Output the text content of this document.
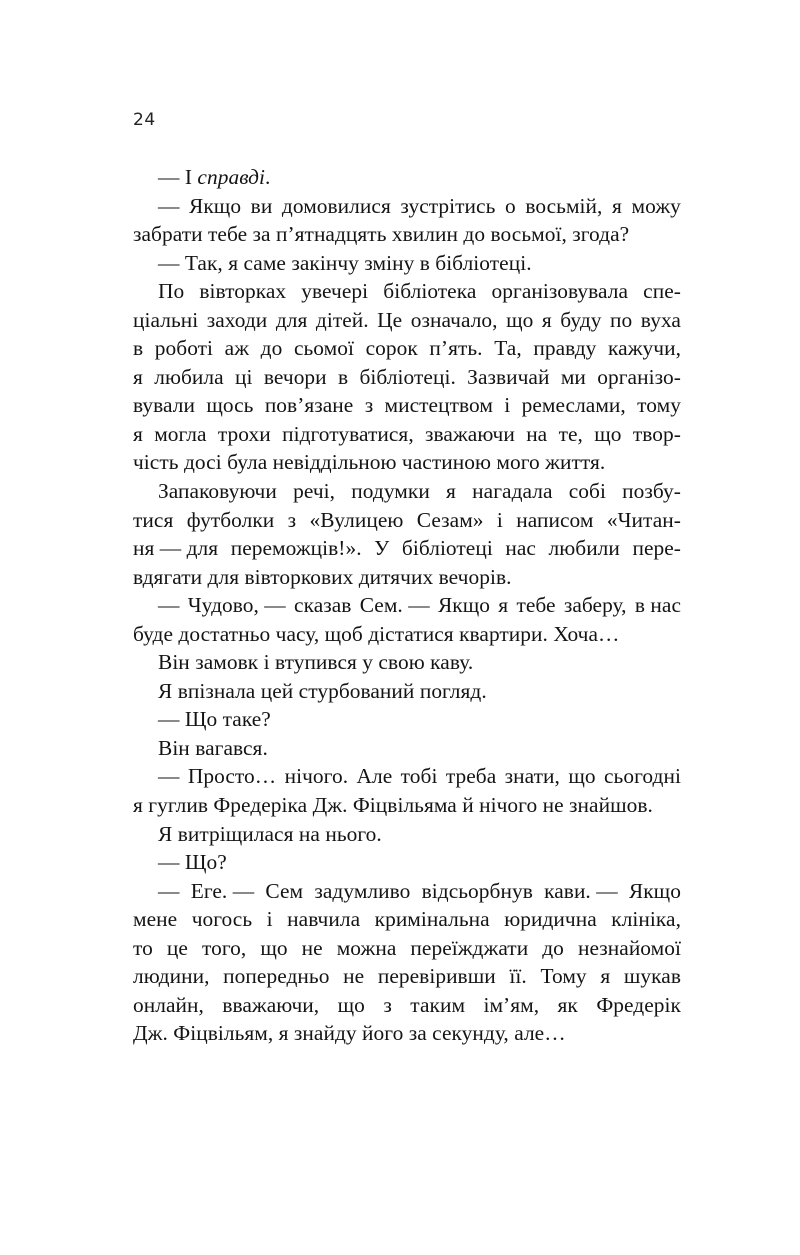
24
— І справді.
— Якщо ви домовилися зустрітись о восьмій, я можу
забрати тебе за п’ятнадцять хвилин до восьмої, згода?
— Так, я саме закінчу зміну в бібліотеці.
По вівторках увечері бібліотека організовувала спе-
ціальні заходи для дітей. Це означало, що я буду по вуха
в роботі аж до сьомої сорок п’ять. Та, правду кажучи,
я любила ці вечори в бібліотеці. Зазвичай ми організо-
вували щось пов’язане з мистецтвом і ремеслами, тому
я могла трохи підготуватися, зважаючи на те, що твор-
чість досі була невіддільною частиною мого життя.
Запаковуючи речі, подумки я нагадала собі позбу-
тися футболки з «Вулицею Сезам» і написом «Читан-
ня — для переможців!». У бібліотеці нас любили пере-
вдягати для вівторкових дитячих вечорів.
— Чудово, — сказав Сем. — Якщо я тебе заберу, в нас
буде достатньо часу, щоб дістатися квартири. Хоча…
Він замовк і втупився у свою каву.
Я впізнала цей стурбований погляд.
— Що таке?
Він вагався.
— Просто… нічого. Але тобі треба знати, що сьогодні
я гуглив Фредеріка Дж. Фіцвільяма й нічого не знайшов.
Я витріщилася на нього.
— Що?
— Еге. — Сем задумливо відсьорбнув кави. — Якщо
мене чогось і навчила кримінальна юридична клініка,
то це того, що не можна переїжджати до незнайомої
людини, попередньо не перевіривши її. Тому я шукав
онлайн, вважаючи, що з таким ім’ям, як Фредерік
Дж. Фіцвільям, я знайду його за секунду, але…
